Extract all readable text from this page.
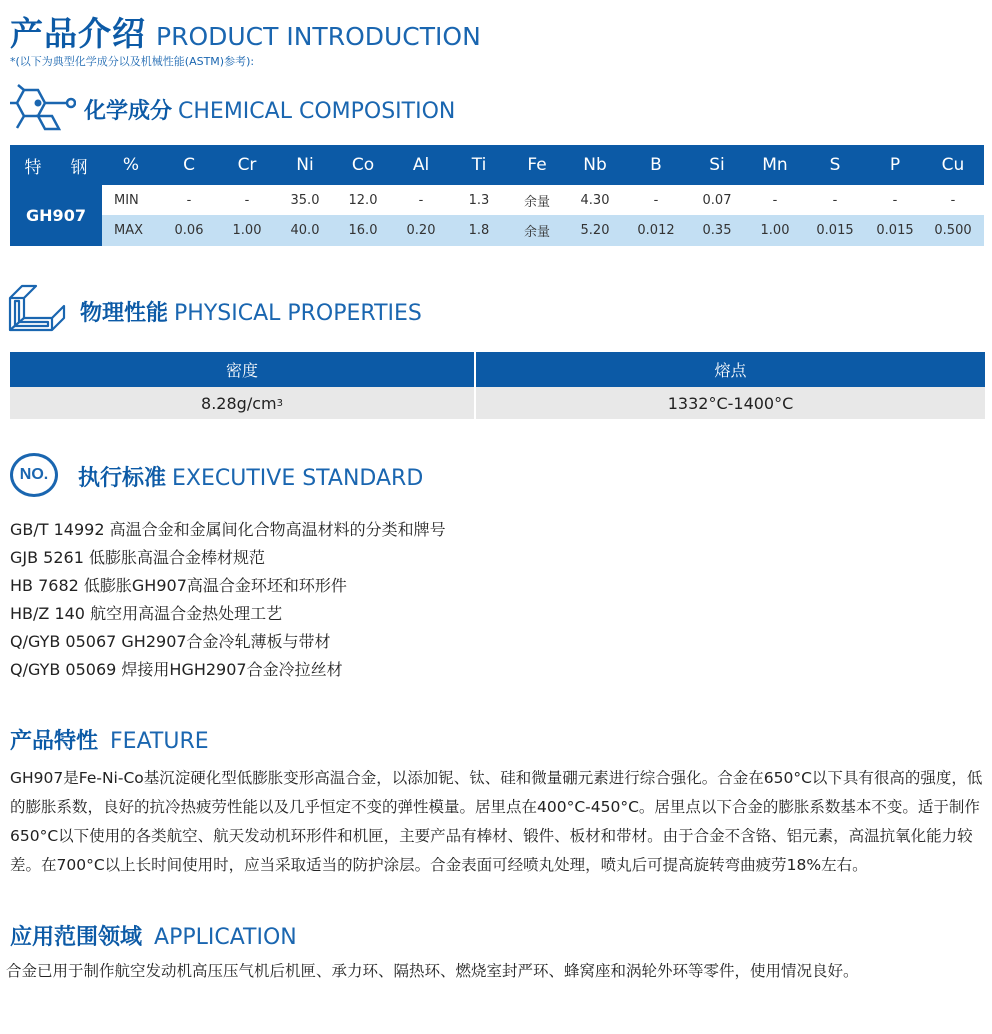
产品介绍 PRODUCT INTRODUCTION
*(以下为典型化学成分以及机械性能(ASTM)参考):
化学成分 CHEMICAL COMPOSITION
特	钢	%	C	Cr	Ni	Co	Al	Ti	Fe	Nb	B	Si	Mn	S	P	Cu
GH907
MIN	-	-	35.0	12.0	-	1.3	余量	4.30	-	0.07	-	-	-	-
MAX	0.06	1.00	40.0	16.0	0.20	1.8	余量	5.20	0.012	0.35	1.00	0.015	0.015	0.500
物理性能 PHYSICAL PROPERTIES
密度	熔点
8.28g/cm 3	1332°C-1400°C
NO. 执行标准 EXECUTIVE STANDARD
GB/T 14992 高温合金和金属间化合物高温材料的分类和牌号
GJB 5261 低膨胀高温合金棒材规范
HB 7682 低膨胀GH907高温合金环坯和环形件
HB/Z 140 航空用高温合金热处理工艺
Q/GYB 05067 GH2907合金冷轧薄板与带材
Q/GYB 05069 焊接用HGH2907合金冷拉丝材
产品特性 FEATURE
GH907是Fe-Ni-Co基沉淀硬化型低膨胀变形高温合金，以添加铌、钛、硅和微量硼元素进行综合强化。合金在650°C以下具有很高的强度，低的膨胀系数，良好的抗冷热疲劳性能以及几乎恒定不变的弹性模量。居里点在400°C-450°C。居里点以下合金的膨胀系数基本不变。适于制作650°C以下使用的各类航空、航天发动机环形件和机匣，主要产品有棒材、锻件、板材和带材。由于合金不含铬、铝元素，高温抗氧化能力较差。在700°C以上长时间使用时，应当采取适当的防护涂层。合金表面可经喷丸处理，喷丸后可提高旋转弯曲疲劳18%左右。
应用范围领域 APPLICATION
合金已用于制作航空发动机高压压气机后机匣、承力环、隔热环、燃烧室封严环、蜂窝座和涡轮外环等零件，使用情况良好。
